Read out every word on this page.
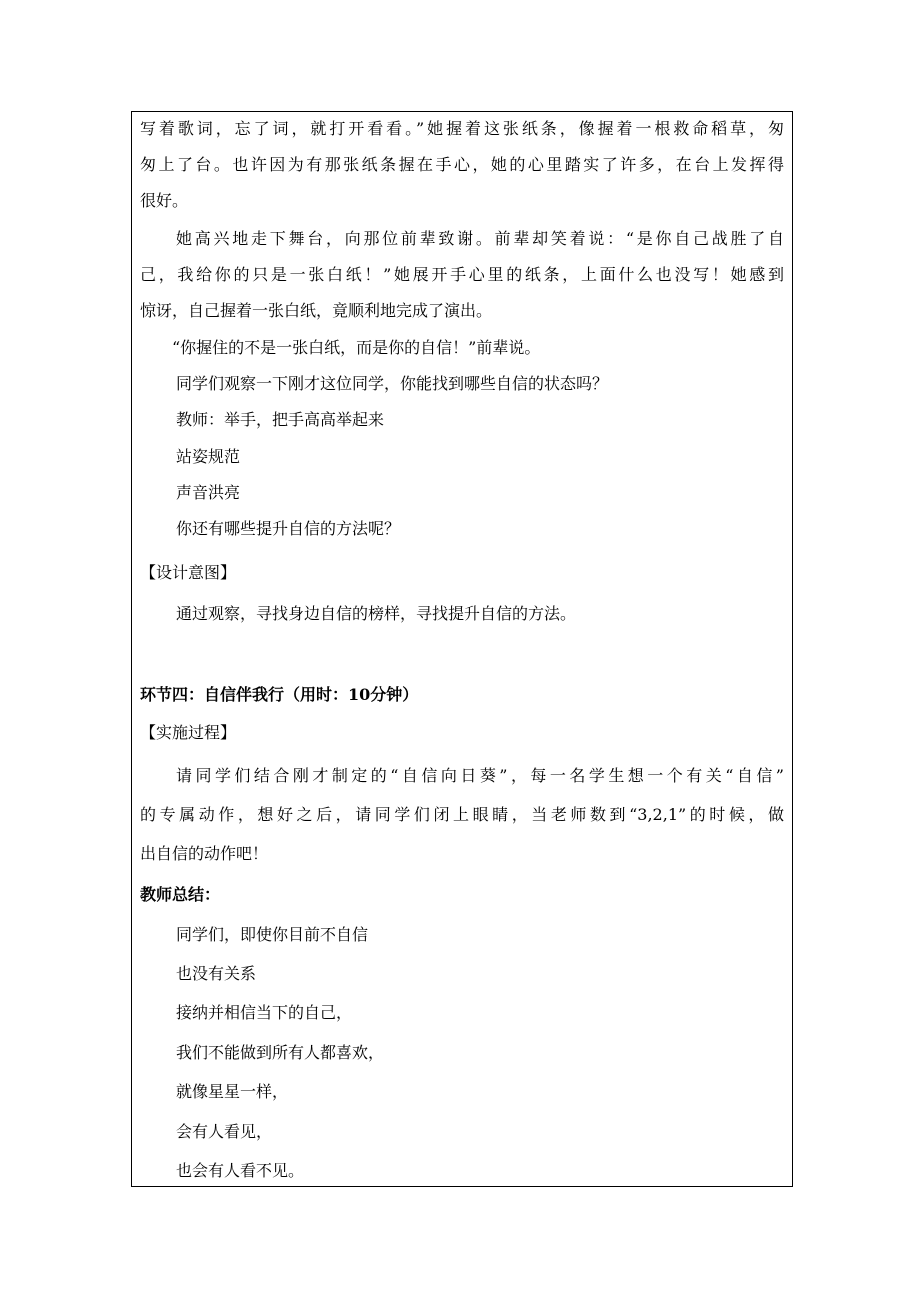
写着歌词，忘了词，就打开看看。”她握着这张纸条，像握着一根救命稻草，匆
匆上了台。也许因为有那张纸条握在手心，她的心里踏实了许多，在台上发挥得
很好。
她高兴地走下舞台，向那位前辈致谢。前辈却笑着说：“是你自己战胜了自
己，我给你的只是一张白纸！”她展开手心里的纸条，上面什么也没写！她感到
惊讶，自己握着一张白纸，竟顺利地完成了演出。
“你握住的不是一张白纸，而是你的自信！”前辈说。
同学们观察一下刚才这位同学，你能找到哪些自信的状态吗？
教师：举手，把手高高举起来
站姿规范
声音洪亮
你还有哪些提升自信的方法呢？
【设计意图】
通过观察，寻找身边自信的榜样，寻找提升自信的方法。
环节四：自信伴我行（用时：10分钟）
【实施过程】
请同学们结合刚才制定的“自信向日葵”，每一名学生想一个有关“自信”
的专属动作，想好之后，请同学们闭上眼睛，当老师数到“3,2,1”的时候，做
出自信的动作吧！
教师总结：
同学们，即使你目前不自信
也没有关系
接纳并相信当下的自己，
我们不能做到所有人都喜欢，
就像星星一样，
会有人看见，
也会有人看不见。
